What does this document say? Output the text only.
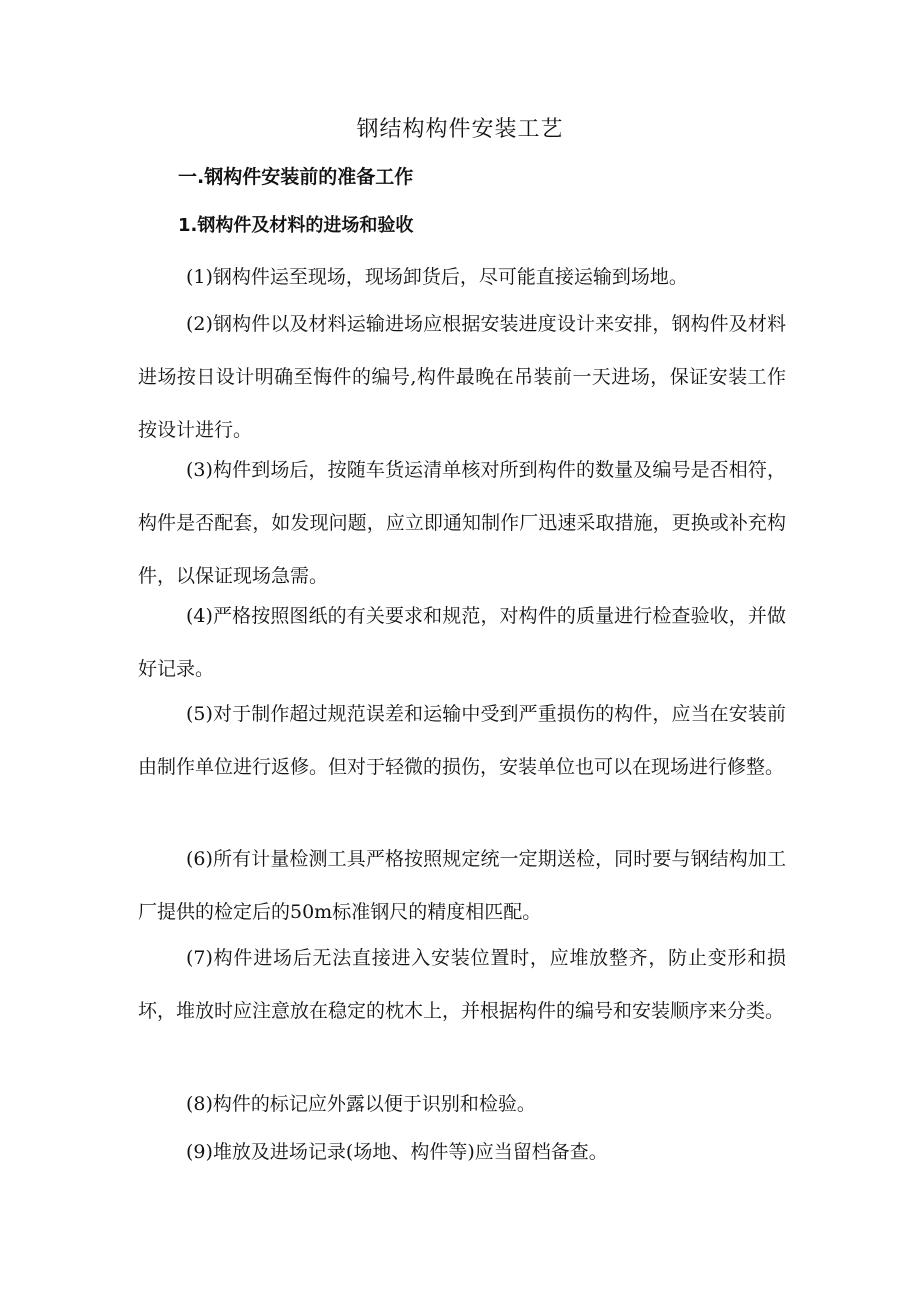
钢结构构件安装工艺
一.钢构件安装前的准备工作
1.钢构件及材料的进场和验收

(1)钢构件运至现场，现场卸货后，尽可能直接运输到场地。

(2)钢构件以及材料运输进场应根据安装进度设计来安排，钢构件及材料进场按日设计明确至悔件的编号,构件最晚在吊装前一天进场，保证安装工作按设计进行。

(3)构件到场后，按随车货运清单核对所到构件的数量及编号是否相符，构件是否配套，如发现问题，应立即通知制作厂迅速采取措施，更换或补充构件，以保证现场急需。

(4)严格按照图纸的有关要求和规范，对构件的质量进行检查验收，并做好记录。

(5)对于制作超过规范误差和运输中受到严重损伤的构件，应当在安装前由制作单位进行返修。但对于轻微的损伤，安装单位也可以在现场进行修整。

(6)所有计量检测工具严格按照规定统一定期送检，同时要与钢结构加工厂提供的检定后的50m标准钢尺的精度相匹配。

(7)构件进场后无法直接进入安装位置时，应堆放整齐，防止变形和损坏，堆放时应注意放在稳定的枕木上，并根据构件的编号和安装顺序来分类。

(8)构件的标记应外露以便于识别和检验。

(9)堆放及进场记录(场地、构件等)应当留档备查。
